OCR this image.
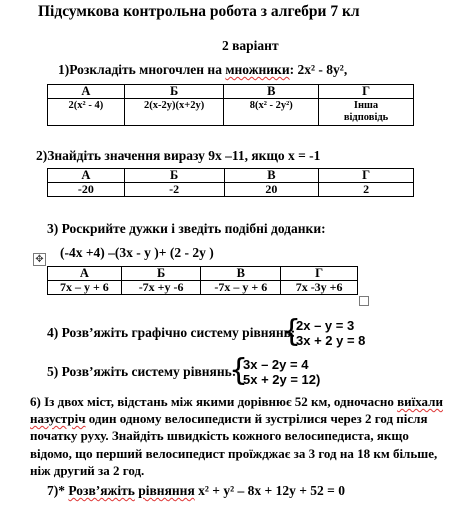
Підсумкова контрольна робота з алгебри 7 кл
2 варіант
1)Розкладіть многочлен на множники: 2x² - 8y²,
А	Б	В	Г
2(x² - 4)	2(x-2y)(x+2y)	8(x² - 2y²)	Інша відповідь
2)Знайдіть значення виразу 9x –11, якщо x = -1
А	Б	В	Г
-20	-2	20	2
3) Роскрийте дужки і зведіть подібні доданки:
✥ (-4x +4) –(3x - y )+ (2 - 2y )
А	Б	В	Г
7x – y + 6	-7x +y -6	-7x – y + 6	7x -3y +6
4) Розв’яжіть графічно систему рівнянь:
{
2x – y = 3
3x + 2 y = 8
5) Розв’яжіть систему рівнянь:
{
3x – 2y = 4
5x + 2y = 12)
6) Із двох міст, відстань між якими дорівнює 52 км, одночасно виїхали назустріч один одному велосипедисти й зустрілися через 2 год після початку руху. Знайдіть швидкість кожного велосипедиста, якщо відомо, що перший велосипедист проїжджає за 3 год на 18 км більше, ніж другий за 2 год.
7)* Розв’яжіть рівняння x² + y² – 8x + 12y + 52 = 0
